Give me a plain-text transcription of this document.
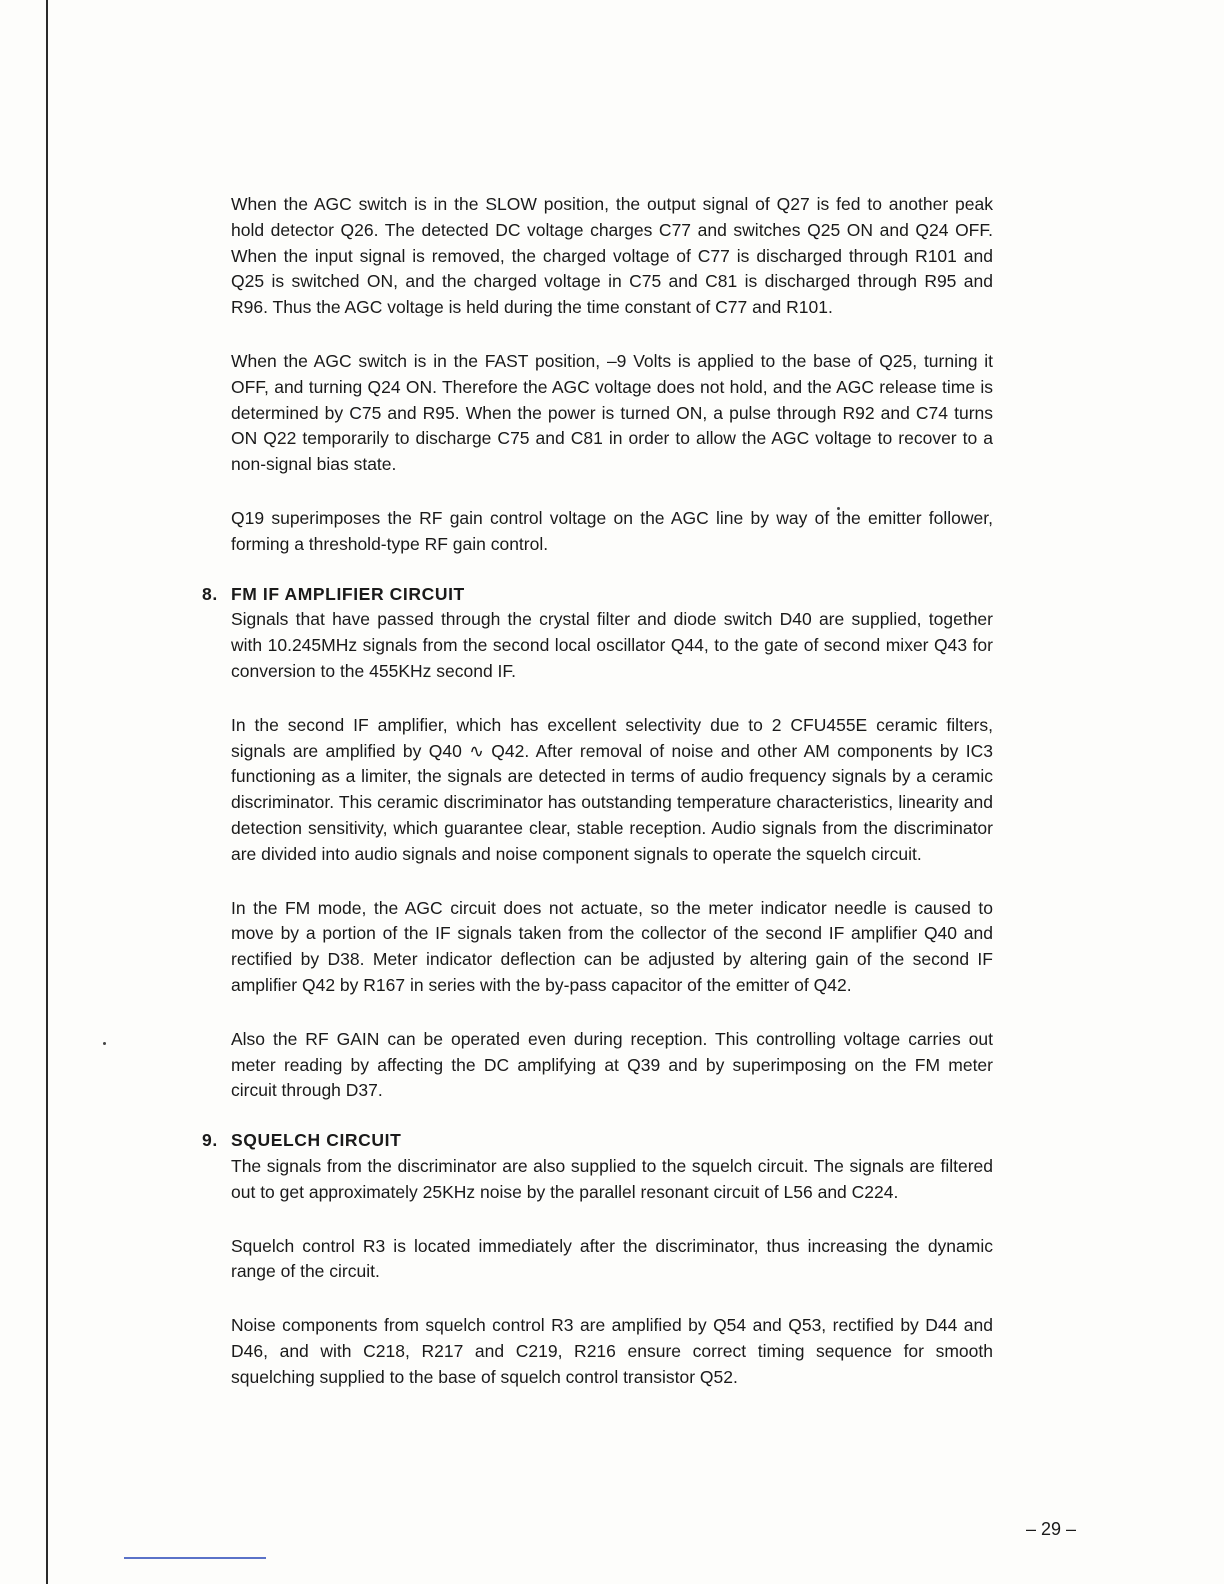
When the AGC switch is in the SLOW position, the output signal of Q27 is fed to another peak hold detector Q26. The detected DC voltage charges C77 and switches Q25 ON and Q24 OFF. When the input signal is removed, the charged voltage of C77 is discharged through R101 and Q25 is switched ON, and the charged voltage in C75 and C81 is discharged through R95 and R96. Thus the AGC voltage is held during the time constant of C77 and R101.

When the AGC switch is in the FAST position, –9 Volts is applied to the base of Q25, turning it OFF, and turning Q24 ON. Therefore the AGC voltage does not hold, and the AGC release time is determined by C75 and R95. When the power is turned ON, a pulse through R92 and C74 turns ON Q22 temporarily to discharge C75 and C81 in order to allow the AGC voltage to recover to a non-signal bias state.

Q19 superimposes the RF gain control voltage on the AGC line by way of the emitter follower, forming a threshold-type RF gain control.

8. FM IF AMPLIFIER CIRCUIT

Signals that have passed through the crystal filter and diode switch D40 are supplied, together with 10.245MHz signals from the second local oscillator Q44, to the gate of second mixer Q43 for conversion to the 455KHz second IF.

In the second IF amplifier, which has excellent selectivity due to 2 CFU455E ceramic filters, signals are amplified by Q40 ∿ Q42. After removal of noise and other AM components by IC3 functioning as a limiter, the signals are detected in terms of audio frequency signals by a ceramic discriminator. This ceramic discriminator has outstanding temperature characteristics, linearity and detection sensitivity, which guarantee clear, stable reception. Audio signals from the discriminator are divided into audio signals and noise component signals to operate the squelch circuit.

In the FM mode, the AGC circuit does not actuate, so the meter indicator needle is caused to move by a portion of the IF signals taken from the collector of the second IF amplifier Q40 and rectified by D38. Meter indicator deflection can be adjusted by altering gain of the second IF amplifier Q42 by R167 in series with the by-pass capacitor of the emitter of Q42.

Also the RF GAIN can be operated even during reception. This controlling voltage carries out meter reading by affecting the DC amplifying at Q39 and by superimposing on the FM meter circuit through D37.

9. SQUELCH CIRCUIT

The signals from the discriminator are also supplied to the squelch circuit. The signals are filtered out to get approximately 25KHz noise by the parallel resonant circuit of L56 and C224.

Squelch control R3 is located immediately after the discriminator, thus increasing the dynamic range of the circuit.

Noise components from squelch control R3 are amplified by Q54 and Q53, rectified by D44 and D46, and with C218, R217 and C219, R216 ensure correct timing sequence for smooth squelching supplied to the base of squelch control transistor Q52.

– 29 –
